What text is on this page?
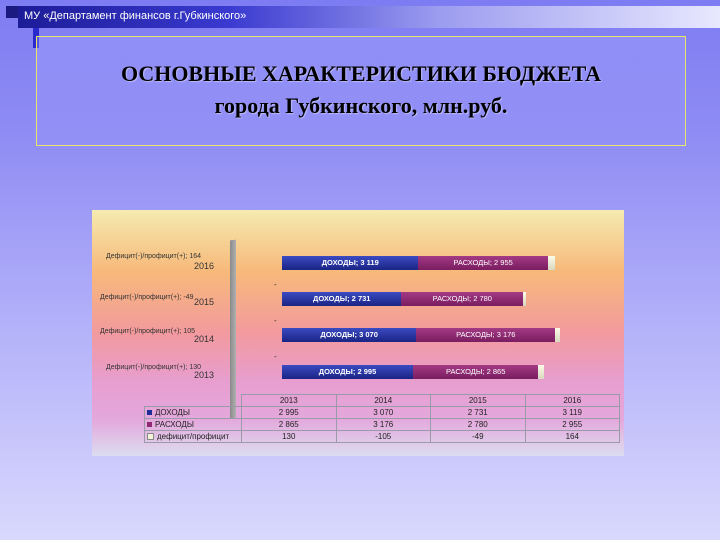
МУ «Департамент финансов г.Губкинского»
ОСНОВНЫЕ ХАРАКТЕРИСТИКИ БЮДЖЕТА
города Губкинского, млн.руб.
Дефицит(-)/профицит(+); 164
2016
Дефицит(-)/профицит(+); -49 2015
Дефицит(-)/профицит(+); 105
2014
Дефицит(-)/профицит(+); 130
2013
-
-
-
ДОХОДЫ; 3 119	РАСХОДЫ; 2 955
ДОХОДЫ; 2 731	РАСХОДЫ; 2 780
ДОХОДЫ; 3 070	РАСХОДЫ; 3 176
ДОХОДЫ; 2 995	РАСХОДЫ; 2 865
	2013	2014	2015	2016
ДОХОДЫ	2 995	3 070	2 731	3 119
РАСХОДЫ	2 865	3 176	2 780	2 955
дефицит/профицит	130	-105	-49	164
